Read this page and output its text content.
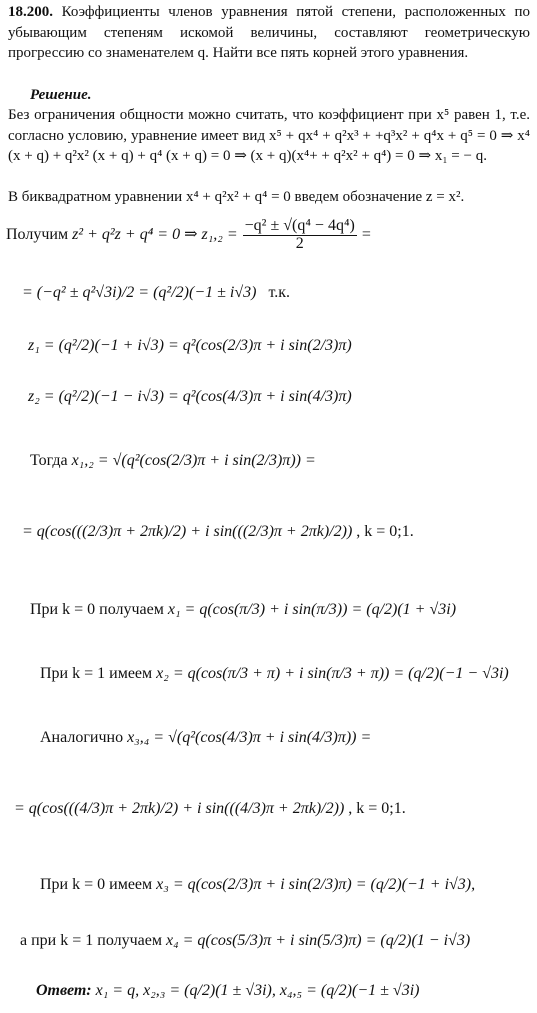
18.200. Коэффициенты членов уравнения пятой степени, расположенных по убывающим степеням искомой величины, составляют геометрическую прогрессию со знаменателем q. Найти все пять корней этого уравнения.
Решение.
Без ограничения общности можно считать, что коэффициент при x⁵ равен 1, т.е. согласно условию, уравнение имеет вид x⁵ + qx⁴ + q²x³ + +q³x² + q⁴x + q⁵ = 0 ⇒ x⁴ (x + q) + q²x² (x + q) + q⁴ (x + q) = 0 ⇒ (x + q)(x⁴+ + q²x² + q⁴) = 0 ⇒ x₁ = − q.
В биквадратном уравнении x⁴ + q²x² + q⁴ = 0 введем обозначение z = x².
Получим z² + q²z + q⁴ = 0 ⇒ $z_1,_2 = \frac{\text{−q² ± √(q⁴ − 4q⁴)}}{2}$ =
= (−q² ± q²√3i)/2 = (q²/2)(−1 ± i√3) т.к.
z₁ = (q²/2)(−1 + i√3) = q²(cos(2/3)π + i sin(2/3)π)
z₂ = (q²/2)(−1 − i√3) = q²(cos(4/3)π + i sin(4/3)π)
Тогда x₁,₂ = √(q²(cos(2/3)π + i sin(2/3)π)) =
= q(cos(((2/3)π + 2πk)/2) + i sin(((2/3)π + 2πk)/2)) , k = 0;1.
При k = 0 получаем x₁ = q(cos(π/3) + i sin(π/3)) = (q/2)(1 + √3i)
При k = 1 имеем x₂ = q(cos(π/3 + π) + i sin(π/3 + π)) = (q/2)(−1 − √3i)
Аналогично x₃,₄ = √(q²(cos(4/3)π + i sin(4/3)π)) =
= q(cos(((4/3)π + 2πk)/2) + i sin(((4/3)π + 2πk)/2)) , k = 0;1.
При k = 0 имеем x₃ = q(cos(2/3)π + i sin(2/3)π) = (q/2)(−1 + i√3),
а при k = 1 получаем x₄ = q(cos(5/3)π + i sin(5/3)π) = (q/2)(1 − i√3)
Ответ: x₁ = q, x₂,₃ = (q/2)(1 ± √3i), x₄,₅ = (q/2)(−1 ± √3i)
